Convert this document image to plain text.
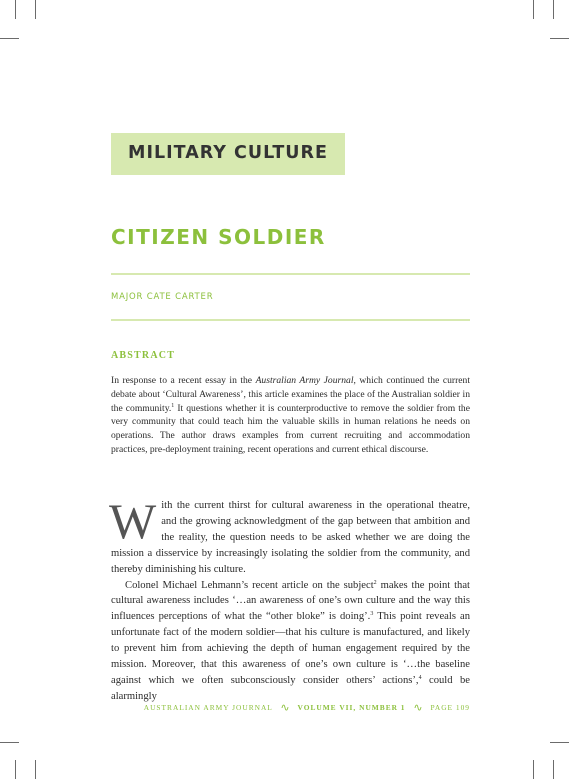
MILITARY CULTURE
CITIZEN SOLDIER
MAJOR CATE CARTER
ABSTRACT

In response to a recent essay in the Australian Army Journal, which continued the current debate about ‘Cultural Awareness’, this article examines the place of the Australian soldier in the community.$^1$ It questions whether it is counterproductive to remove the soldier from the very community that could teach him the valuable skills in human relations he needs on operations. The author draws examples from current recruiting and accommodation practices, pre-deployment training, recent operations and current ethical discourse.

With the current thirst for cultural awareness in the operational theatre, and the growing acknowledgment of the gap between that ambition and the reality, the question needs to be asked whether we are doing the mission a disservice by increasingly isolating the soldier from the community, and thereby diminishing his culture.

Colonel Michael Lehmann’s recent article on the subject$^2$ makes the point that cultural awareness includes ‘…an awareness of one’s own culture and the way this influences perceptions of what the “other bloke” is doing’.$^3$ This point reveals an unfortunate fact of the modern soldier—that his culture is manufactured, and likely to prevent him from achieving the depth of human engagement required by the mission. Moreover, that this awareness of one’s own culture is ‘…the baseline against which we often subconsciously consider others’ actions’,$^4$ could be alarmingly

AUSTRALIAN ARMY JOURNAL ∿ VOLUME VII, NUMBER 1 ∿ PAGE 109
